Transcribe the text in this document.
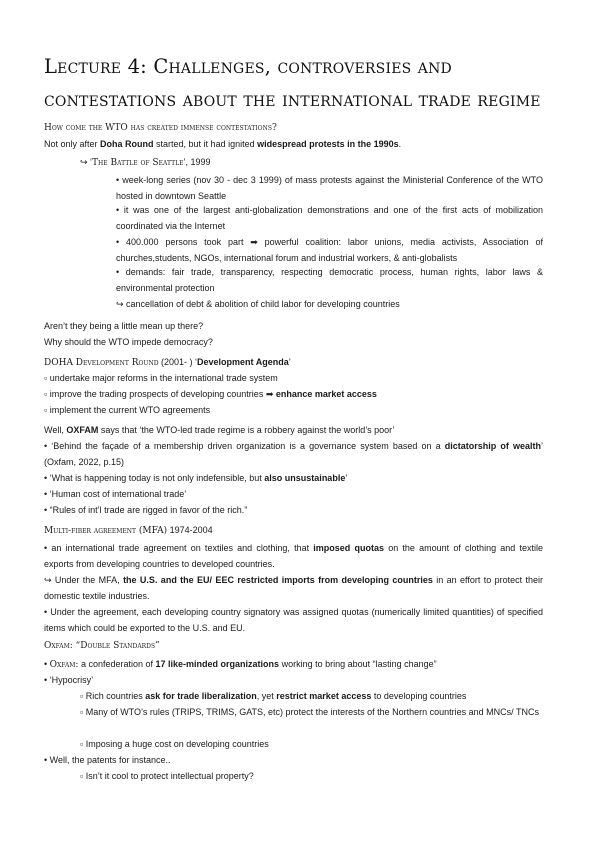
Lecture 4: Challenges, controversies and contestations about the international trade regime
How come the WTO has created immense contestations?
Not only after Doha Round started, but it had ignited widespread protests in the 1990s.
↪ ‘The Battle of Seattle’, 1999
• week-long series (nov 30 - dec 3 1999) of mass protests against the Ministerial Conference of the WTO hosted in downtown Seattle
• it was one of the largest anti-globalization demonstrations and one of the first acts of mobilization coordinated via the Internet
• 400.000 persons took part ➡ powerful coalition: labor unions, media activists, Association of churches,students, NGOs, international forum and industrial workers, & anti-globalists
• demands: fair trade, transparency, respecting democratic process, human rights, labor laws & environmental protection
↪ cancellation of debt & abolition of child labor for developing countries
Aren’t they being a little mean up there?
Why should the WTO impede democracy?
DOHA Development Round (2001- ) ‘Development Agenda’
▫ undertake major reforms in the international trade system
▫ improve the trading prospects of developing countries ➡ enhance market access
▫ implement the current WTO agreements
Well, OXFAM says that ‘the WTO-led trade regime is a robbery against the world’s poor’
• ‘Behind the façade of a membership driven organization is a governance system based on a dictatorship of wealth’ (Oxfam, 2022, p.15)
• ‘What is happening today is not only indefensible, but also unsustainable’
• ‘Human cost of international trade’
• “Rules of int’l trade are rigged in favor of the rich.”
Multi-fiber agreement (MFA) 1974-2004
• an international trade agreement on textiles and clothing, that imposed quotas on the amount of clothing and textile exports from developing countries to developed countries.
↪ Under the MFA, the U.S. and the EU/ EEC restricted imports from developing countries in an effort to protect their domestic textile industries.
• Under the agreement, each developing country signatory was assigned quotas (numerically limited quantities) of specified items which could be exported to the U.S. and EU.
Oxfam: “Double Standards”
• Oxfam: a confederation of 17 like-minded organizations working to bring about “lasting change”
• ‘Hypocrisy’
▫ Rich countries ask for trade liberalization, yet restrict market access to developing countries
▫ Many of WTO’s rules (TRIPS, TRIMS, GATS, etc) protect the interests of the Northern countries and MNCs/ TNCs
▫ Imposing a huge cost on developing countries
• Well, the patents for instance..
▫ Isn’t it cool to protect intellectual property?
